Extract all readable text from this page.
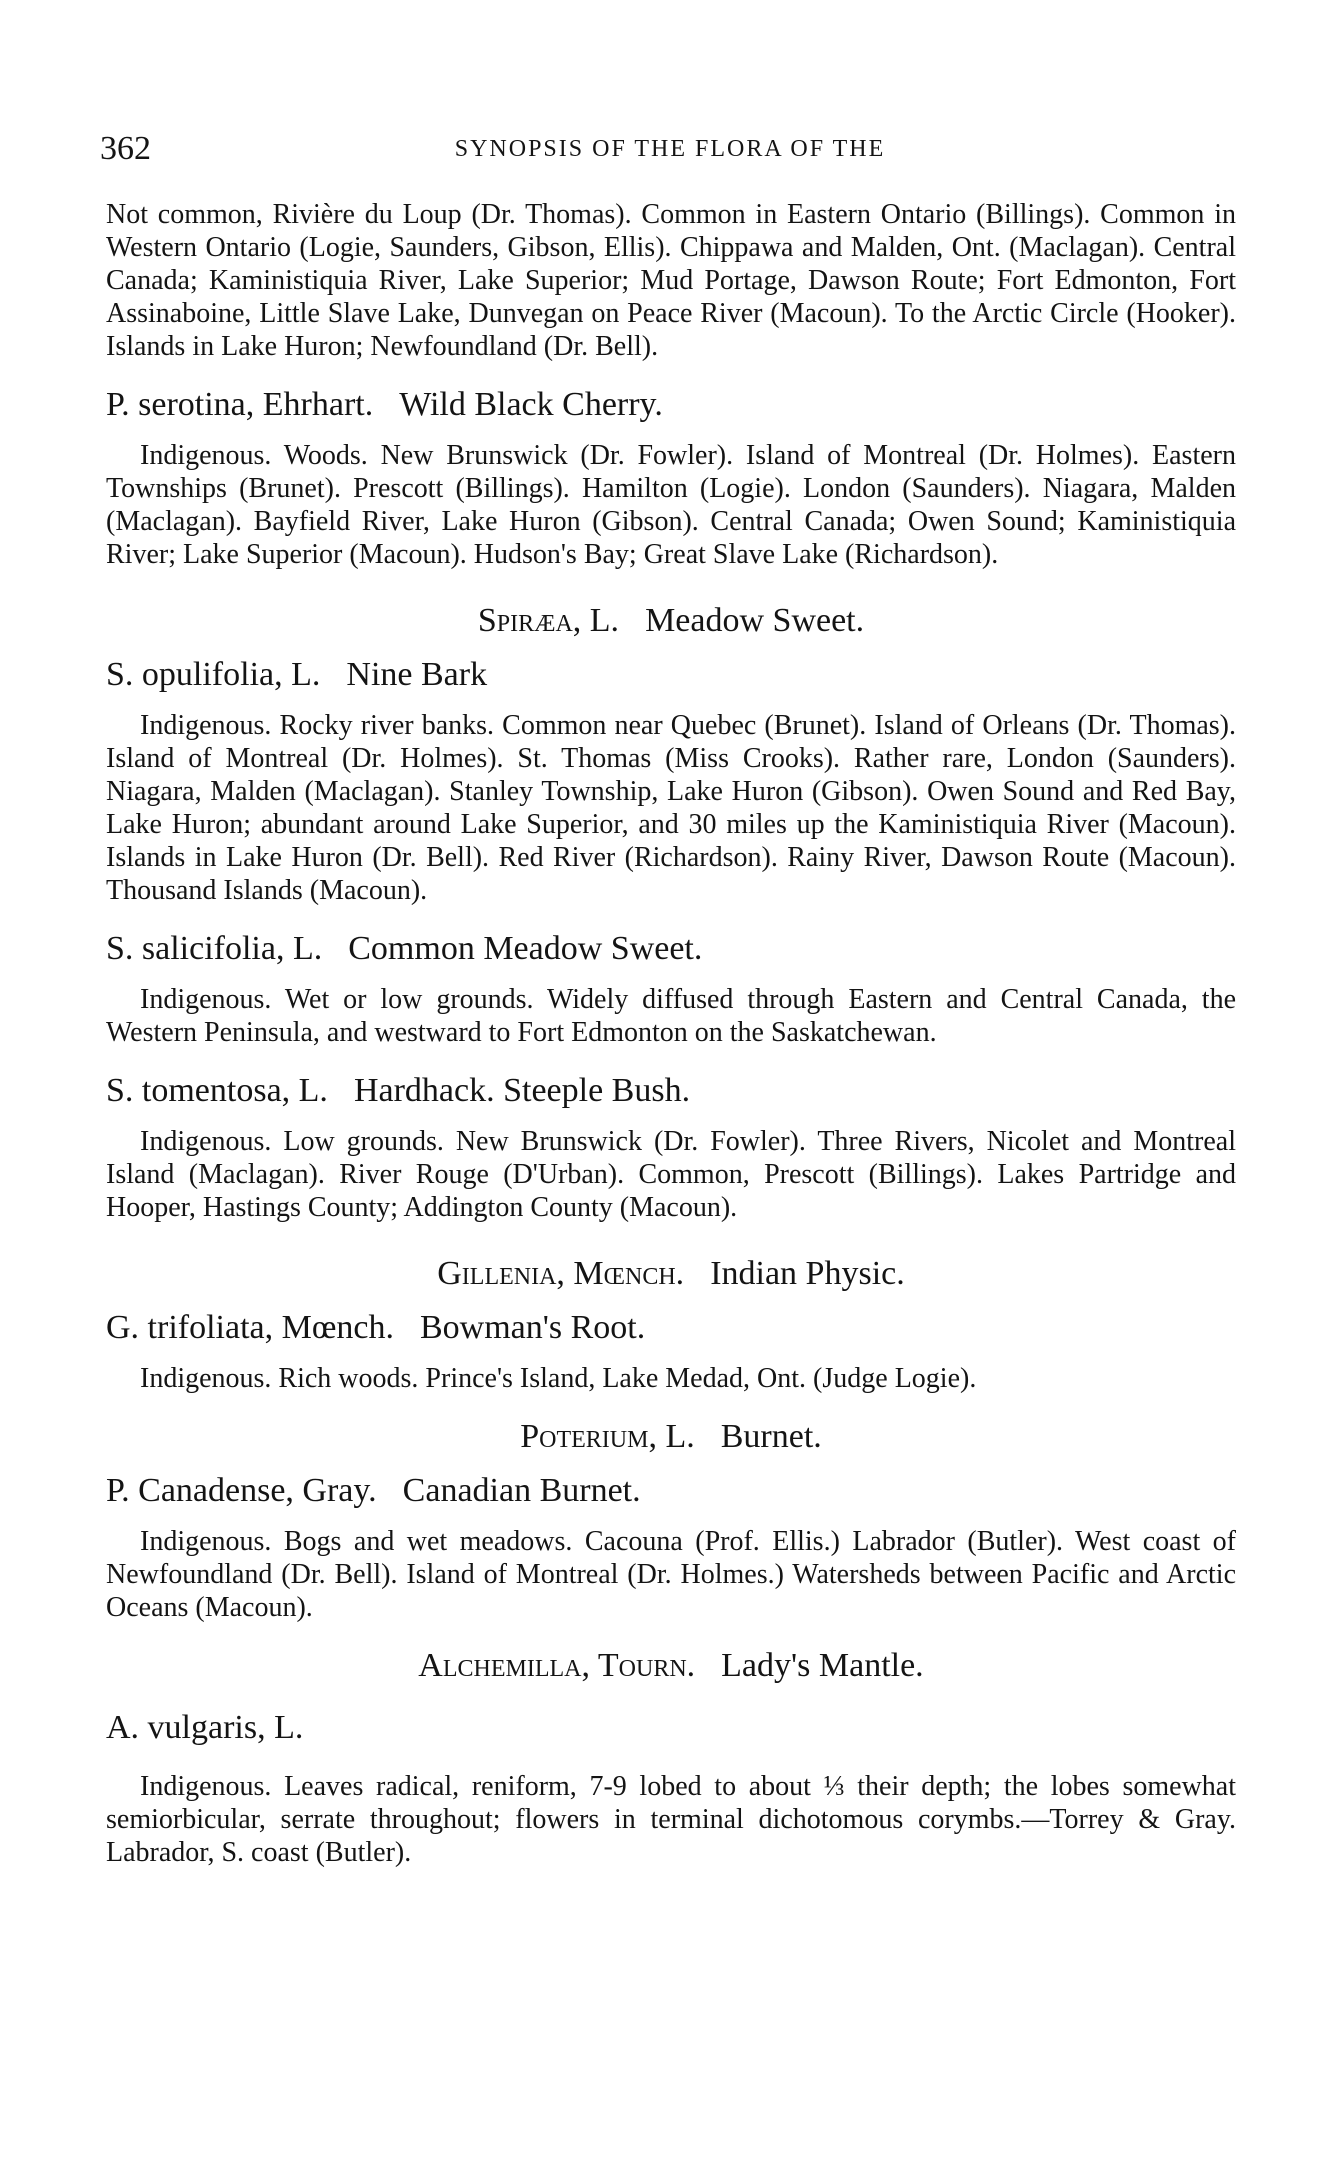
362	SYNOPSIS OF THE FLORA OF THE

Not common, Rivière du Loup (Dr. Thomas). Common in Eastern Ontario (Billings). Common in Western Ontario (Logie, Saunders, Gibson, Ellis). Chippawa and Malden, Ont. (Maclagan). Central Canada; Kaministiquia River, Lake Superior; Mud Portage, Dawson Route; Fort Edmonton, Fort Assinaboine, Little Slave Lake, Dunvegan on Peace River (Macoun). To the Arctic Circle (Hooker). Islands in Lake Huron; Newfoundland (Dr. Bell).

P. serotina, Ehrhart. Wild Black Cherry.

Indigenous. Woods. New Brunswick (Dr. Fowler). Island of Montreal (Dr. Holmes). Eastern Townships (Brunet). Prescott (Billings). Hamilton (Logie). London (Saunders). Niagara, Malden (Maclagan). Bayfield River, Lake Huron (Gibson). Central Canada; Owen Sound; Kaministiquia River; Lake Superior (Macoun). Hudson's Bay; Great Slave Lake (Richardson).

Spiræa, L. Meadow Sweet.

S. opulifolia, L. Nine Bark

Indigenous. Rocky river banks. Common near Quebec (Brunet). Island of Orleans (Dr. Thomas). Island of Montreal (Dr. Holmes). St. Thomas (Miss Crooks). Rather rare, London (Saunders). Niagara, Malden (Maclagan). Stanley Township, Lake Huron (Gibson). Owen Sound and Red Bay, Lake Huron; abundant around Lake Superior, and 30 miles up the Kaministiquia River (Macoun). Islands in Lake Huron (Dr. Bell). Red River (Richardson). Rainy River, Dawson Route (Macoun). Thousand Islands (Macoun).

S. salicifolia, L. Common Meadow Sweet.

Indigenous. Wet or low grounds. Widely diffused through Eastern and Central Canada, the Western Peninsula, and westward to Fort Edmonton on the Saskatchewan.

S. tomentosa, L. Hardhack. Steeple Bush.

Indigenous. Low grounds. New Brunswick (Dr. Fowler). Three Rivers, Nicolet and Montreal Island (Maclagan). River Rouge (D'Urban). Common, Prescott (Billings). Lakes Partridge and Hooper, Hastings County; Addington County (Macoun).

Gillenia, Mœnch. Indian Physic.

G. trifoliata, Mœnch. Bowman's Root.

Indigenous. Rich woods. Prince's Island, Lake Medad, Ont. (Judge Logie).

Poterium, L. Burnet.

P. Canadense, Gray. Canadian Burnet.

Indigenous. Bogs and wet meadows. Cacouna (Prof. Ellis.) Labrador (Butler). West coast of Newfoundland (Dr. Bell). Island of Montreal (Dr. Holmes.) Watersheds between Pacific and Arctic Oceans (Macoun).

Alchemilla, Tourn. Lady's Mantle.

A. vulgaris, L.

Indigenous. Leaves radical, reniform, 7-9 lobed to about ⅓ their depth; the lobes somewhat semiorbicular, serrate throughout; flowers in terminal dichotomous corymbs.—Torrey & Gray. Labrador, S. coast (Butler).
